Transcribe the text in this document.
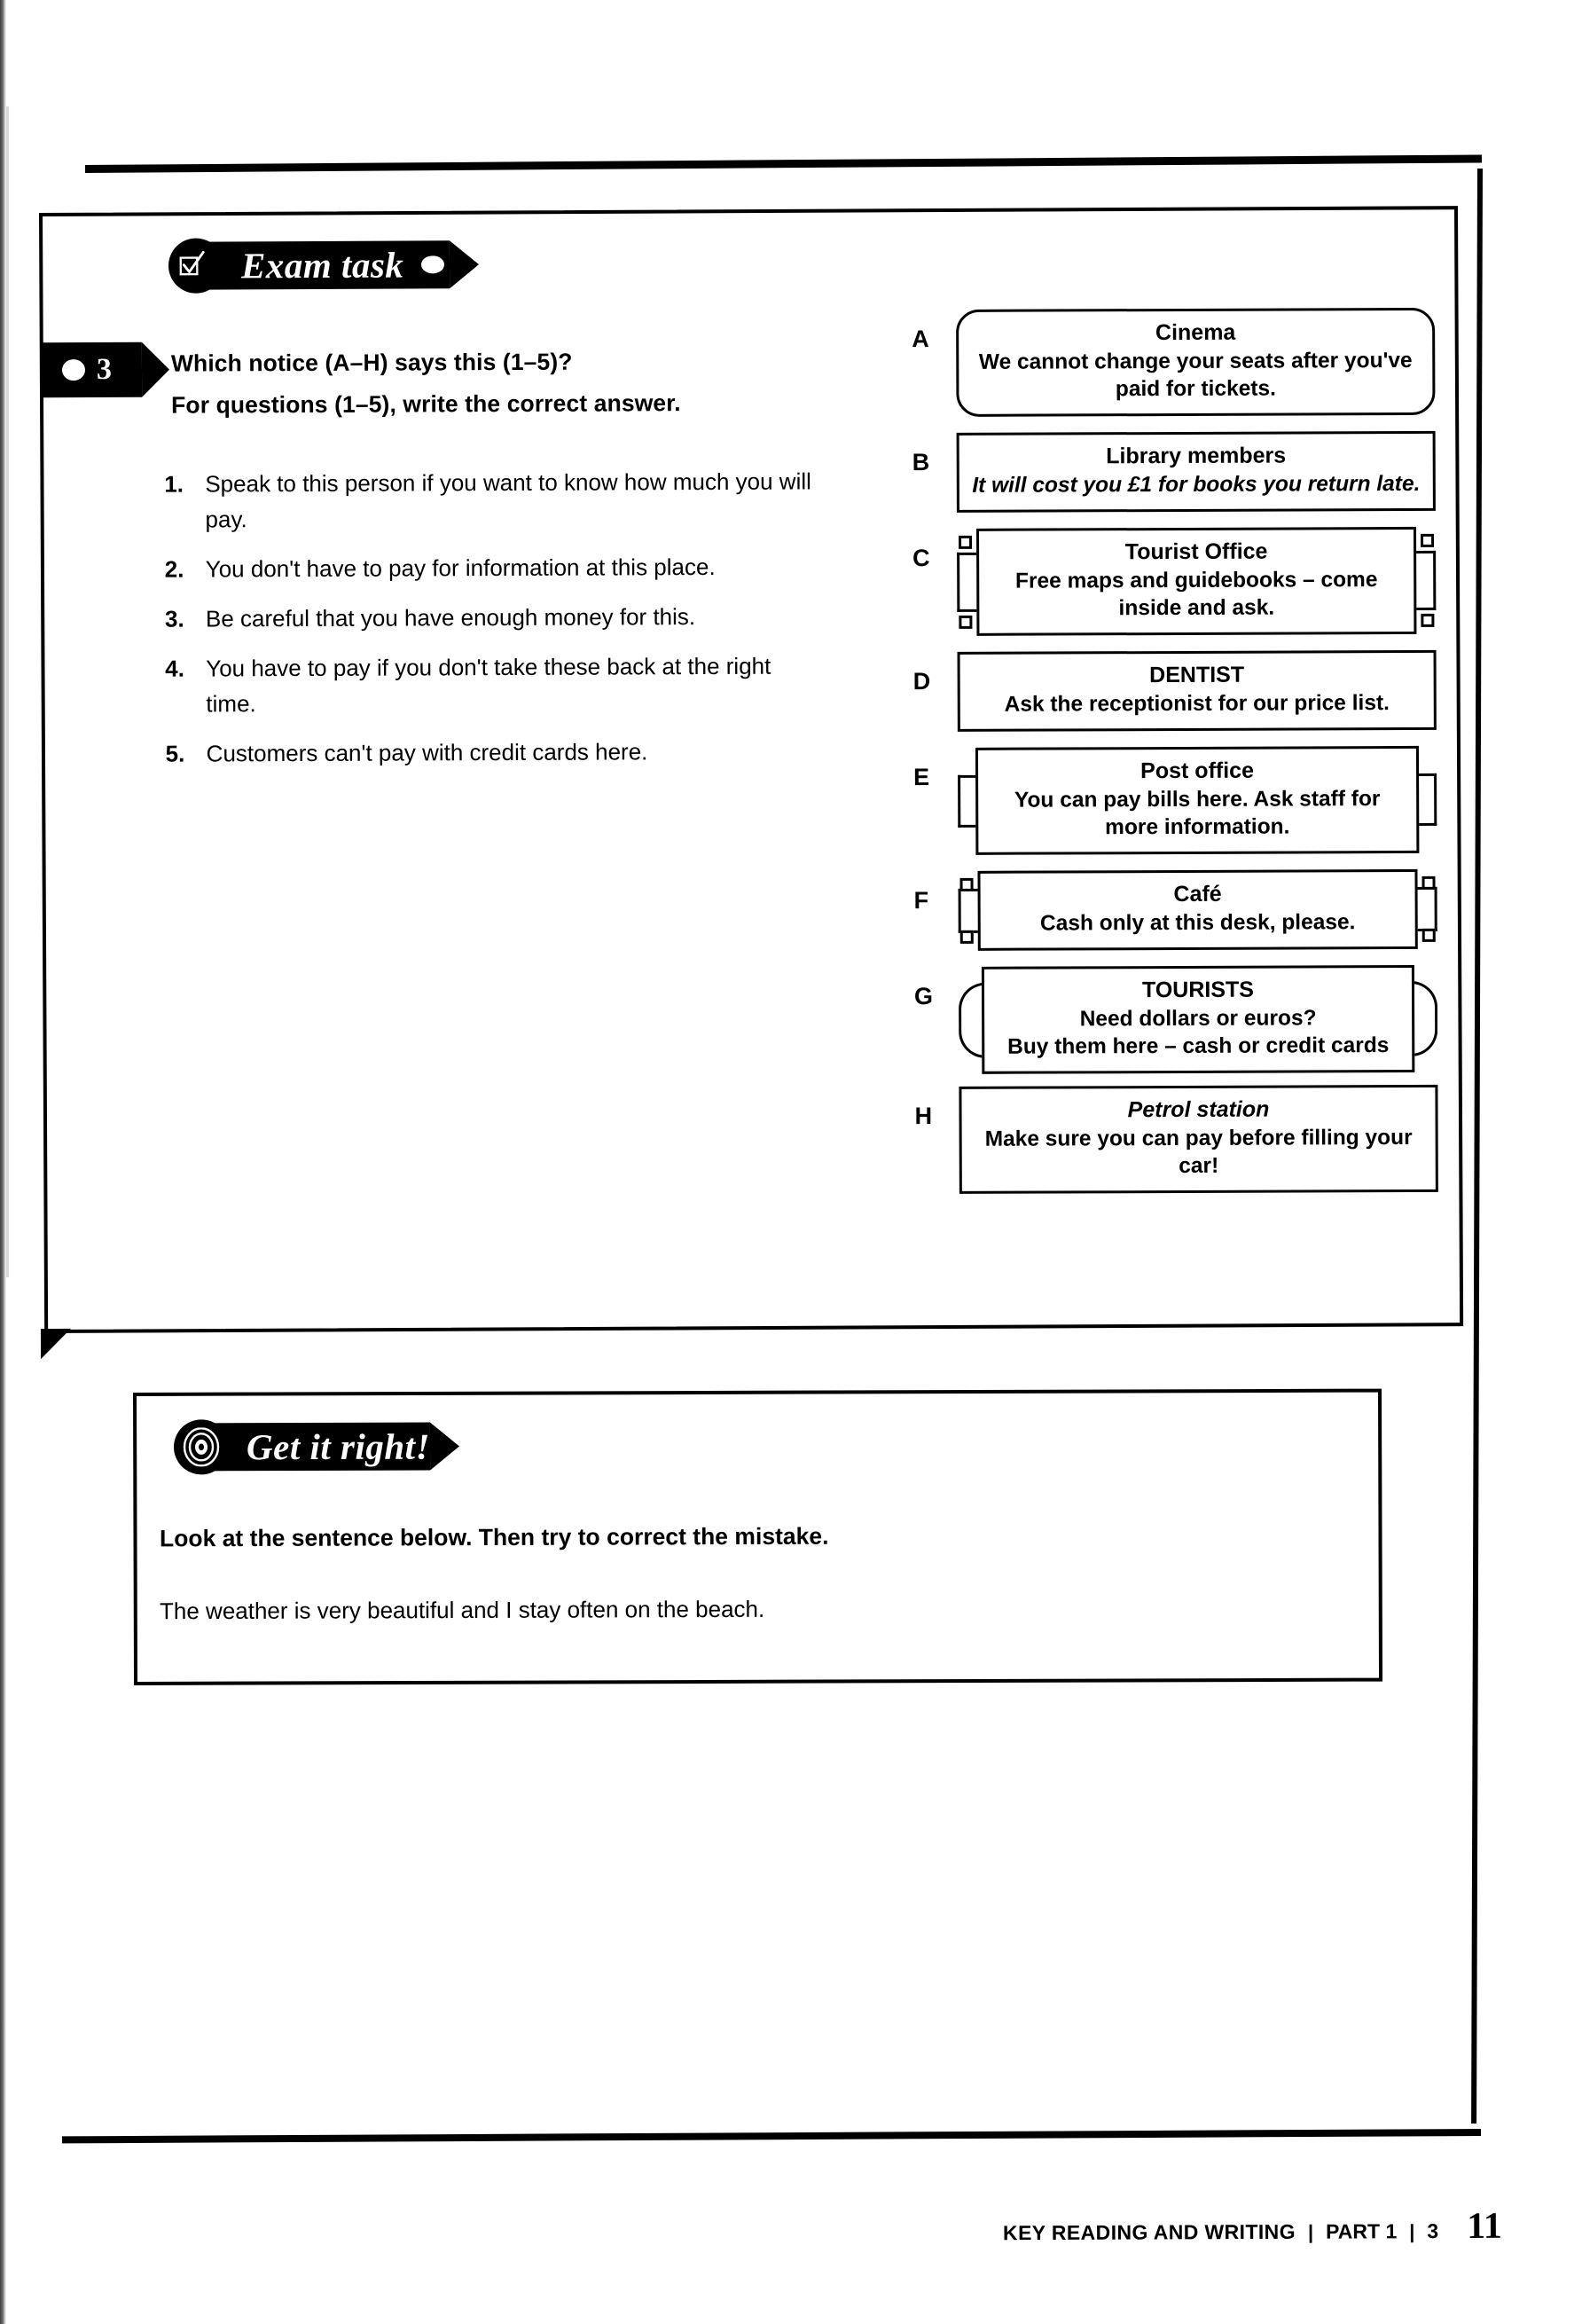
Exam task
3	Which notice (A–H) says this (1–5)?
For questions (1–5), write the correct answer.
1. Speak to this person if you want to know how much you will pay.
2. You don't have to pay for information at this place.
3. Be careful that you have enough money for this.
4. You have to pay if you don't take these back at the right time.
5. Customers can't pay with credit cards here.
A	Cinema
We cannot change your seats after you've paid for tickets.
B	Library members
It will cost you £1 for books you return late.
C	Tourist Office
Free maps and guidebooks – come inside and ask.
D	DENTIST
Ask the receptionist for our price list.
E	Post office
You can pay bills here. Ask staff for more information.
F	Café
Cash only at this desk, please.
G	TOURISTS
Need dollars or euros?
Buy them here – cash or credit cards
H	Petrol station
Make sure you can pay before filling your car!
Get it right!
Look at the sentence below. Then try to correct the mistake.
The weather is very beautiful and I stay often on the beach.
KEY READING AND WRITING | PART 1 | 3 11
